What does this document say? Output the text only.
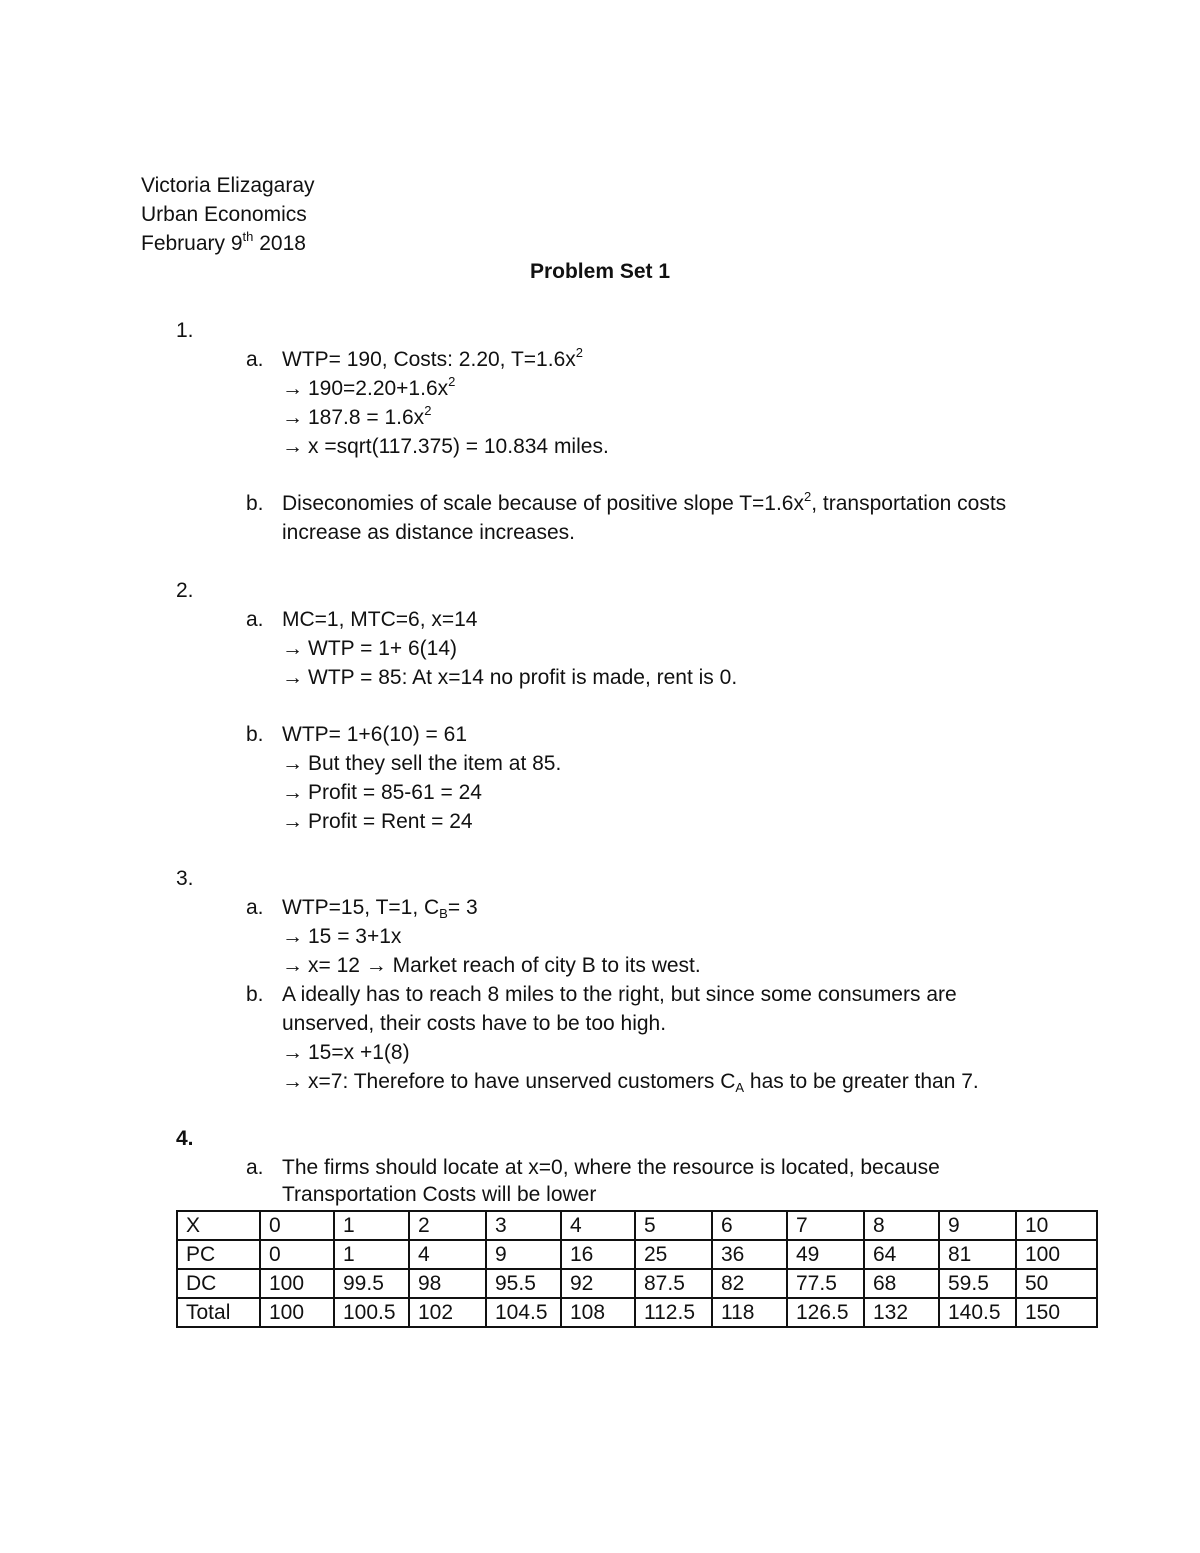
Victoria Elizagaray
Urban Economics
February 9th 2018
Problem Set 1
1.
a. WTP= 190, Costs: 2.20, $T=1.6x^2$
→ $190=2.20+1.6x^2$
→ $187.8 = 1.6x^2$
→ x =sqrt(117.375) = 10.834 miles.
b. Diseconomies of scale because of positive slope $T=1.6x^2$, transportation costs
increase as distance increases.
2.
a. MC=1, MTC=6, x=14
→ WTP = 1+ 6(14)
→ WTP = 85: At x=14 no profit is made, rent is 0.
b. WTP= 1+6(10) = 61
→ But they sell the item at 85.
→ Profit = 85-61 = 24
→ Profit = Rent = 24
3.
a. WTP=15, T=1, $C_B= 3$
→ 15 = 3+1x
→ x= 12 → Market reach of city B to its west.
b. A ideally has to reach 8 miles to the right, but since some consumers are
unserved, their costs have to be too high.
→ 15=x +1(8)
→ x=7: Therefore to have unserved customers $C_A$ has to be greater than 7.
4.
a. The firms should locate at x=0, where the resource is located, because
Transportation Costs will be lower
X	0	1	2	3	4	5	6	7	8	9	10
PC	0	1	4	9	16	25	36	49	64	81	100
DC	100	99.5	98	95.5	92	87.5	82	77.5	68	59.5	50
Total	100	100.5	102	104.5	108	112.5	118	126.5	132	140.5	150
